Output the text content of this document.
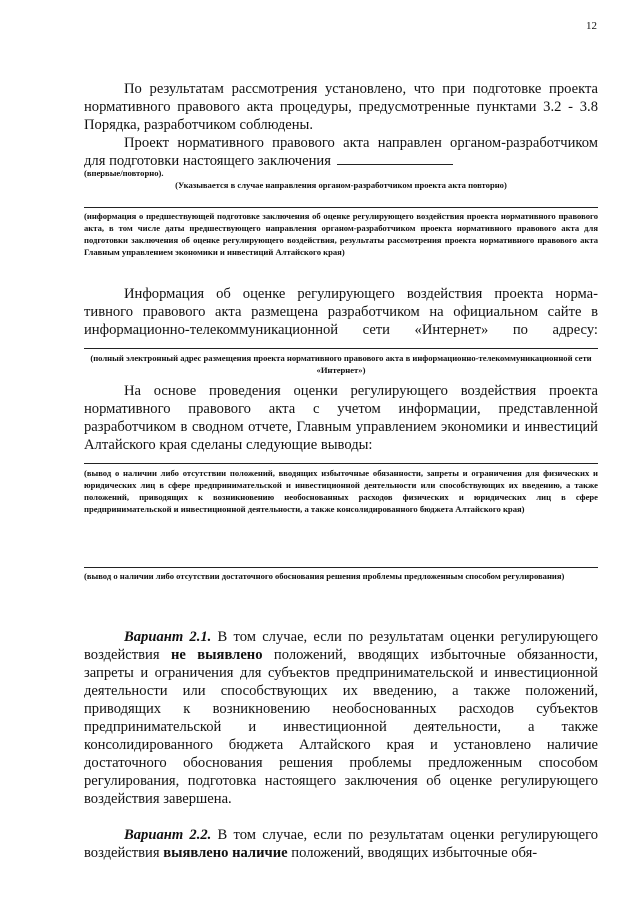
12

По результатам рассмотрения установлено, что при подготовке проекта нормативного правового акта процедуры, предусмотренные пунктами 3.2 - 3.8 Порядка, разработчиком соблюдены.

Проект нормативного правового акта направлен органом-разработчиком для подготовки настоящего заключения

(впервые/повторно).

(Указывается в случае направления органом-разработчиком проекта акта повторно)

(информация о предшествующей подготовке заключения об оценке регулирующего воздействия проекта нормативного правового акта, в том числе даты предшествующего направления органом-разработчиком проекта нормативного правового акта для подготовки заключения об оценке регулирующего воздействия, результаты рассмотрения проекта нормативного правового акта Главным управлением экономики и инвестиций Алтайского края)

Информация об оценке регулирующего воздействия проекта норма-

тивного правового акта размещена разработчиком на официальном сайте в

информационно-телекоммуникационной сети «Интернет» по адресу:

(полный электронный адрес размещения проекта нормативного правового акта в информационно-телекоммуникационной сети «Интернет»)

На основе проведения оценки регулирующего воздействия проекта нормативного правового акта с учетом информации, представленной разработчиком в сводном отчете, Главным управлением экономики и инвестиций Алтайского края сделаны следующие выводы:

(вывод о наличии либо отсутствии положений, вводящих избыточные обязанности, запреты и ограничения для физических и юридических лиц в сфере предпринимательской и инвестиционной деятельности или способствующих их введению, а также положений, приводящих к возникновению необоснованных расходов физических и юридических лиц в сфере предпринимательской и инвестиционной деятельности, а также консолидированного бюджета Алтайского края)

(вывод о наличии либо отсутствии достаточного обоснования решения проблемы предложенным способом регулирования)

Вариант 2.1. В том случае, если по результатам оценки регулирующего воздействия не выявлено положений, вводящих избыточные обязанности, запреты и ограничения для субъектов предпринимательской и инвестиционной деятельности или способствующих их введению, а также положений, приводящих к возникновению необоснованных расходов субъектов предпринимательской и инвестиционной деятельности, а также консолидированного бюджета Алтайского края и установлено наличие достаточного обоснования решения проблемы предложенным способом регулирования, подготовка настоящего заключения об оценке регулирующего воздействия завершена.

Вариант 2.2. В том случае, если по результатам оценки регулирующего воздействия выявлено наличие положений, вводящих избыточные обя-
